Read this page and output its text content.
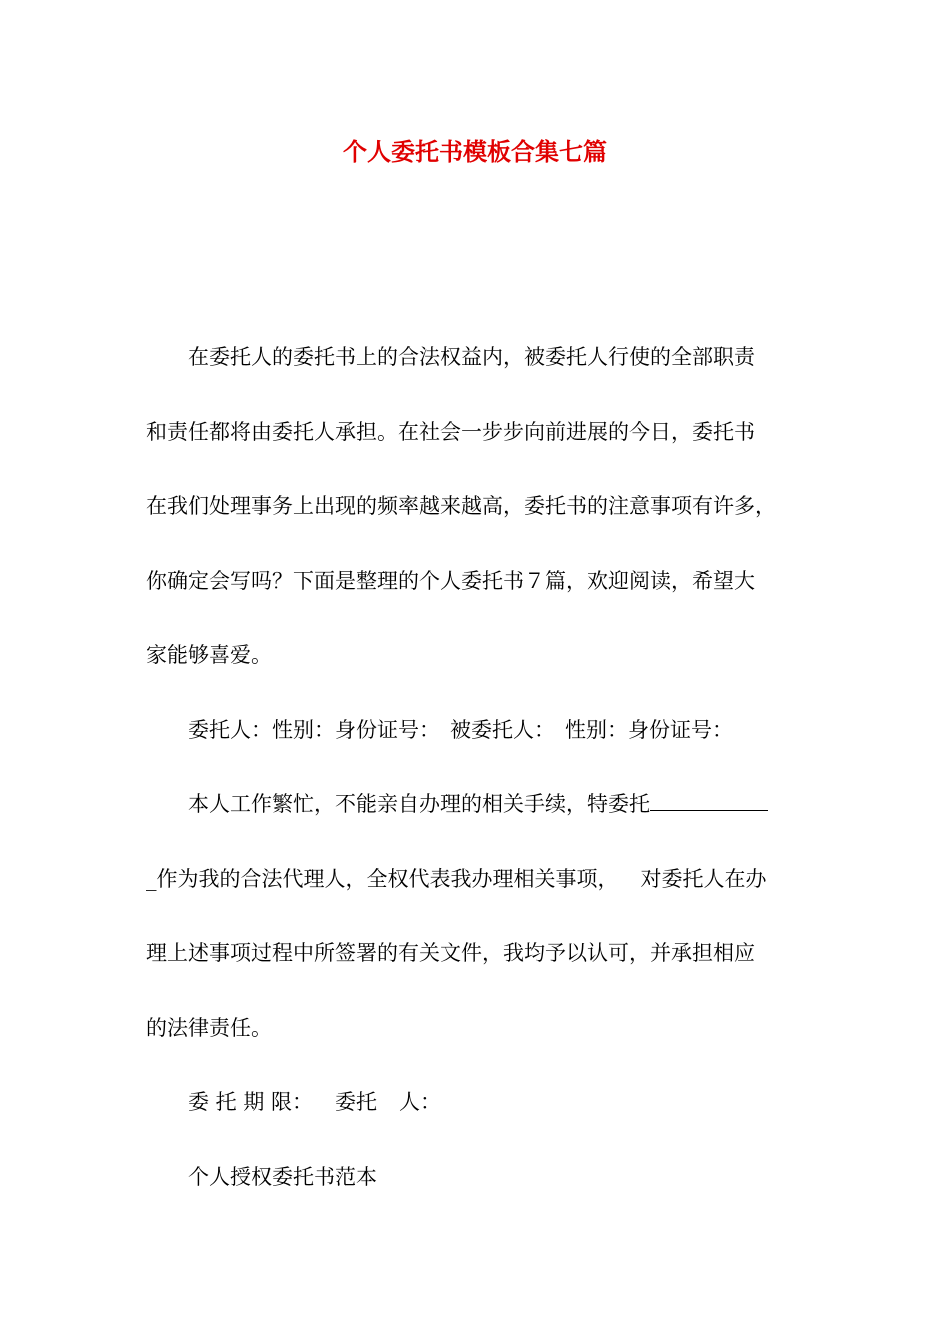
个人委托书模板合集七篇
在委托人的委托书上的合法权益内，被委托人行使的全部职责
和责任都将由委托人承担。在社会一步步向前进展的今日，委托书
在我们处理事务上出现的频率越来越高，委托书的注意事项有许多，
你确定会写吗？下面是整理的个人委托书７篇，欢迎阅读，希望大
家能够喜爱。
委托人：性别：身份证号： 被委托人： 性别：身份证号：
本人工作繁忙，不能亲自办理的相关手续，特委托
_作为我的合法代理人，全权代表我办理相关事项， 对委托人在办
理上述事项过程中所签署的有关文件，我均予以认可，并承担相应
的法律责任。
委 托 期 限： 委托 人：
个人授权委托书范本
